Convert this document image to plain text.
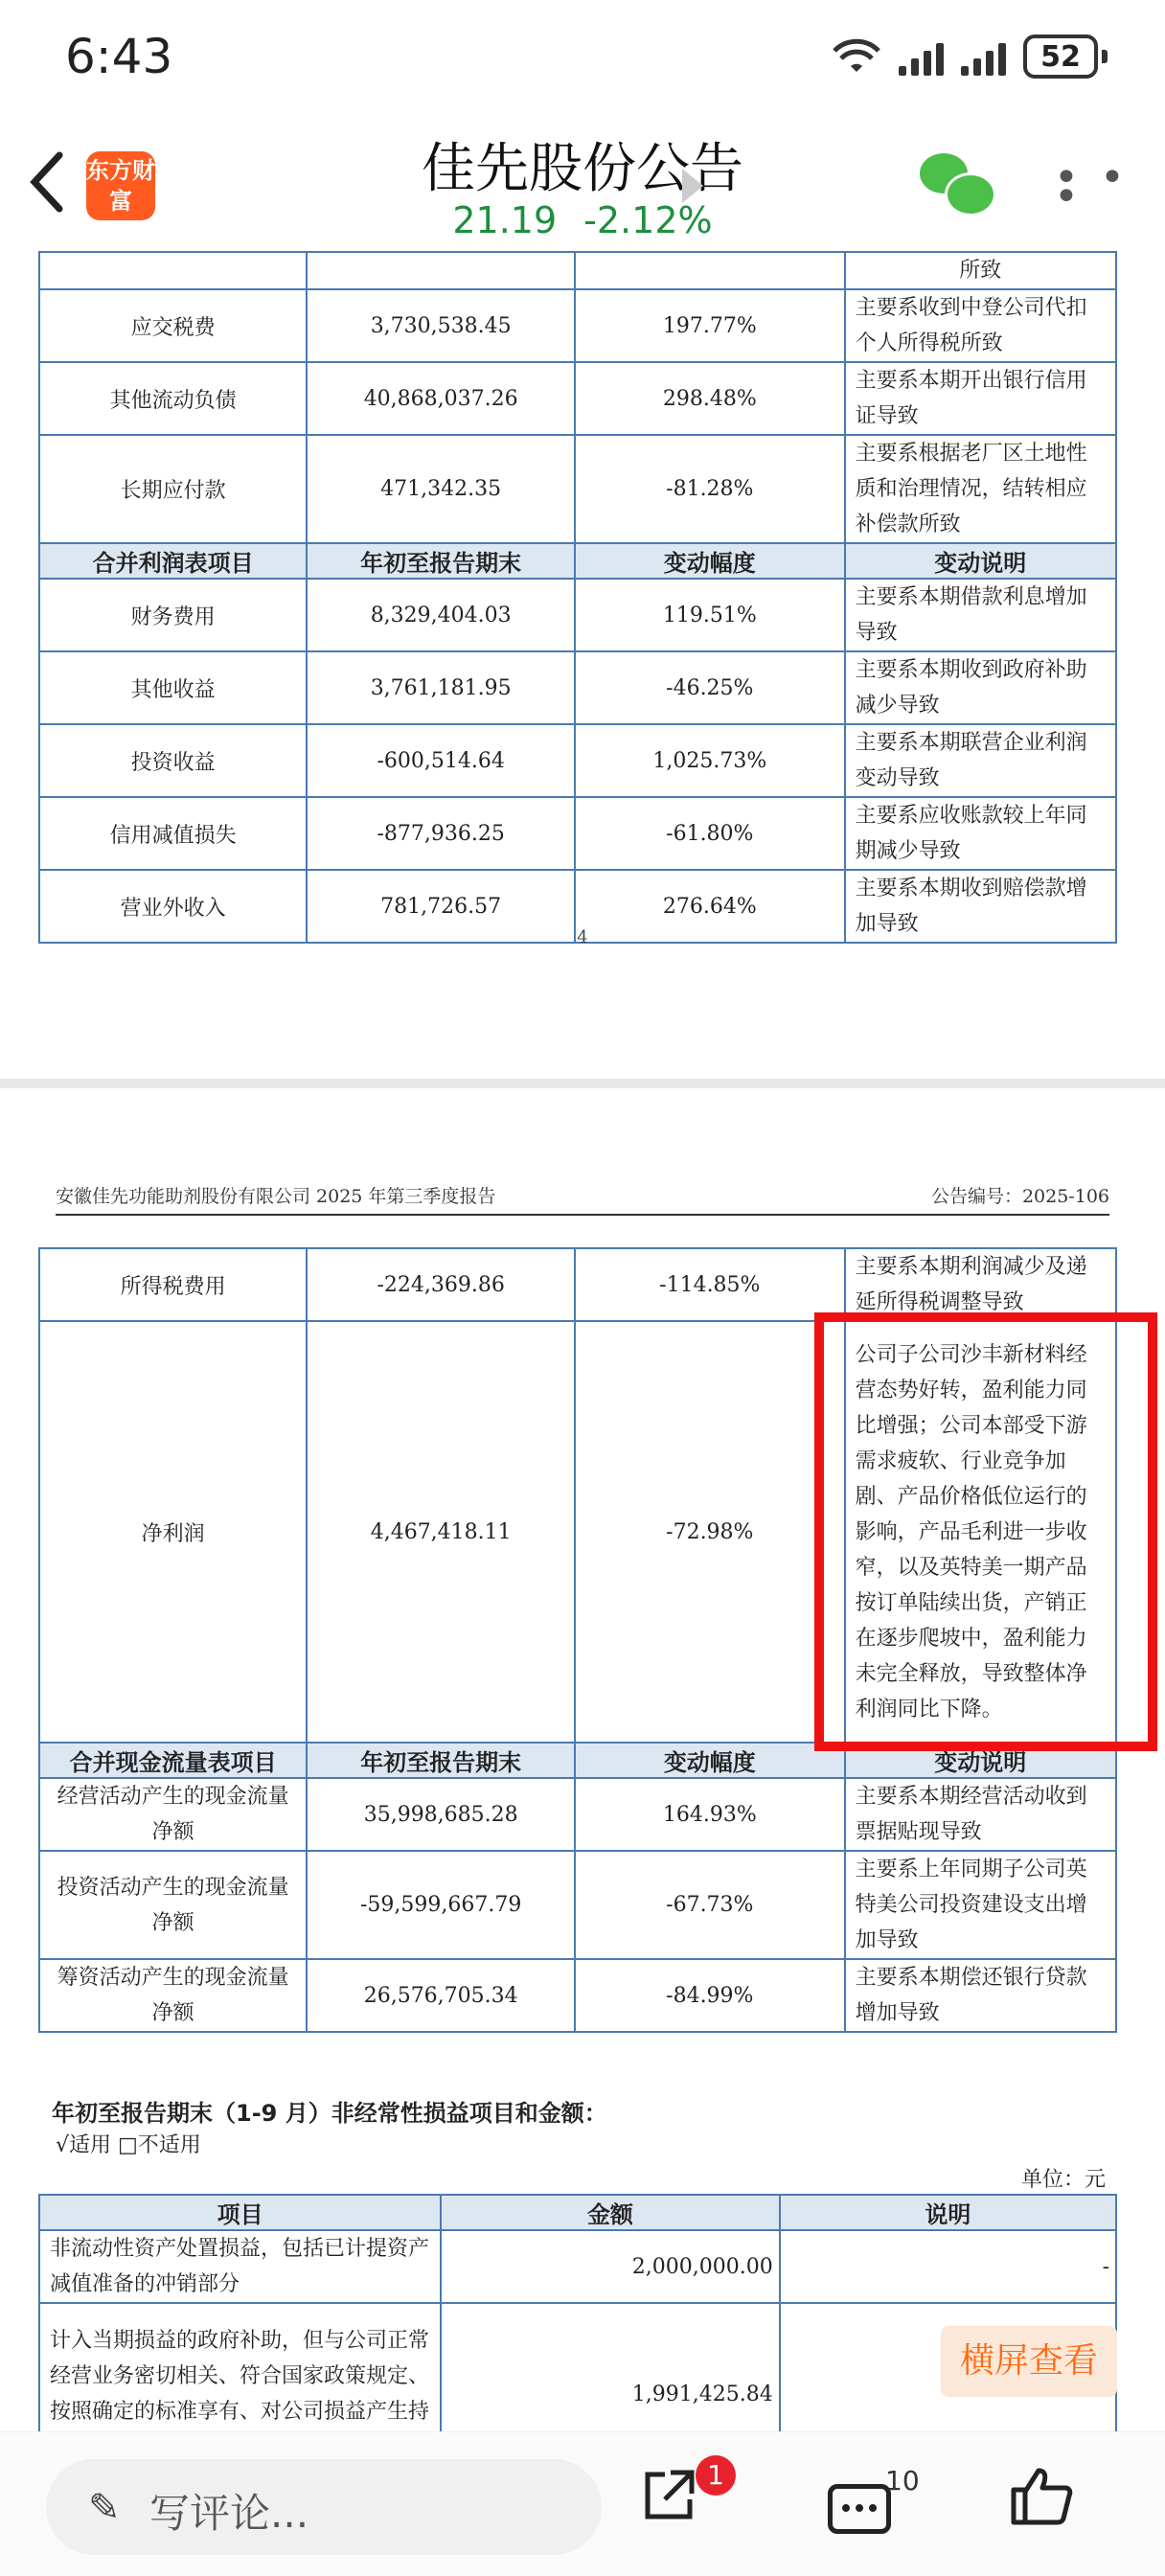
6:43	52
东方财富
佳先股份公告
21.19 -2.12%
• • •
			所致
应交税费	3,730,538.45	197.77%	主要系收到中登公司代扣个人所得税所致
其他流动负债	40,868,037.26	298.48%	主要系本期开出银行信用证导致
长期应付款	471,342.35	-81.28%	主要系根据老厂区土地性质和治理情况，结转相应补偿款所致
合并利润表项目	年初至报告期末	变动幅度	变动说明
财务费用	8,329,404.03	119.51%	主要系本期借款利息增加导致
其他收益	3,761,181.95	-46.25%	主要系本期收到政府补助减少导致
投资收益	-600,514.64	1,025.73%	主要系本期联营企业利润变动导致
信用减值损失	-877,936.25	-61.80%	主要系应收账款较上年同期减少导致
营业外收入	781,726.57	276.64%	主要系本期收到赔偿款增加导致
4
安徽佳先功能助剂股份有限公司 2025 年第三季度报告	公告编号：2025-106
所得税费用	-224,369.86	-114.85%	主要系本期利润减少及递延所得税调整导致
净利润	4,467,418.11	-72.98%	公司子公司沙丰新材料经营态势好转，盈利能力同比增强；公司本部受下游需求疲软、行业竞争加剧、产品价格低位运行的影响，产品毛利进一步收窄，以及英特美一期产品按订单陆续出货，产销正在逐步爬坡中，盈利能力未完全释放，导致整体净利润同比下降。
合并现金流量表项目	年初至报告期末	变动幅度	变动说明
经营活动产生的现金流量净额	35,998,685.28	164.93%	主要系本期经营活动收到票据贴现导致
投资活动产生的现金流量净额	-59,599,667.79	-67.73%	主要系上年同期子公司英特美公司投资建设支出增加导致
筹资活动产生的现金流量净额	26,576,705.34	-84.99%	主要系本期偿还银行贷款增加导致
年初至报告期末（1-9 月）非经常性损益项目和金额：
√适用 □不适用
单位：元
项目	金额	说明
非流动性资产处置损益，包括已计提资产减值准备的冲销部分	2,000,000.00	-
计入当期损益的政府补助，但与公司正常经营业务密切相关、符合国家政策规定、按照确定的标准享有、对公司损益产生持	1,991,425.84	
横屏查看
✎ 写评论...
1	10
